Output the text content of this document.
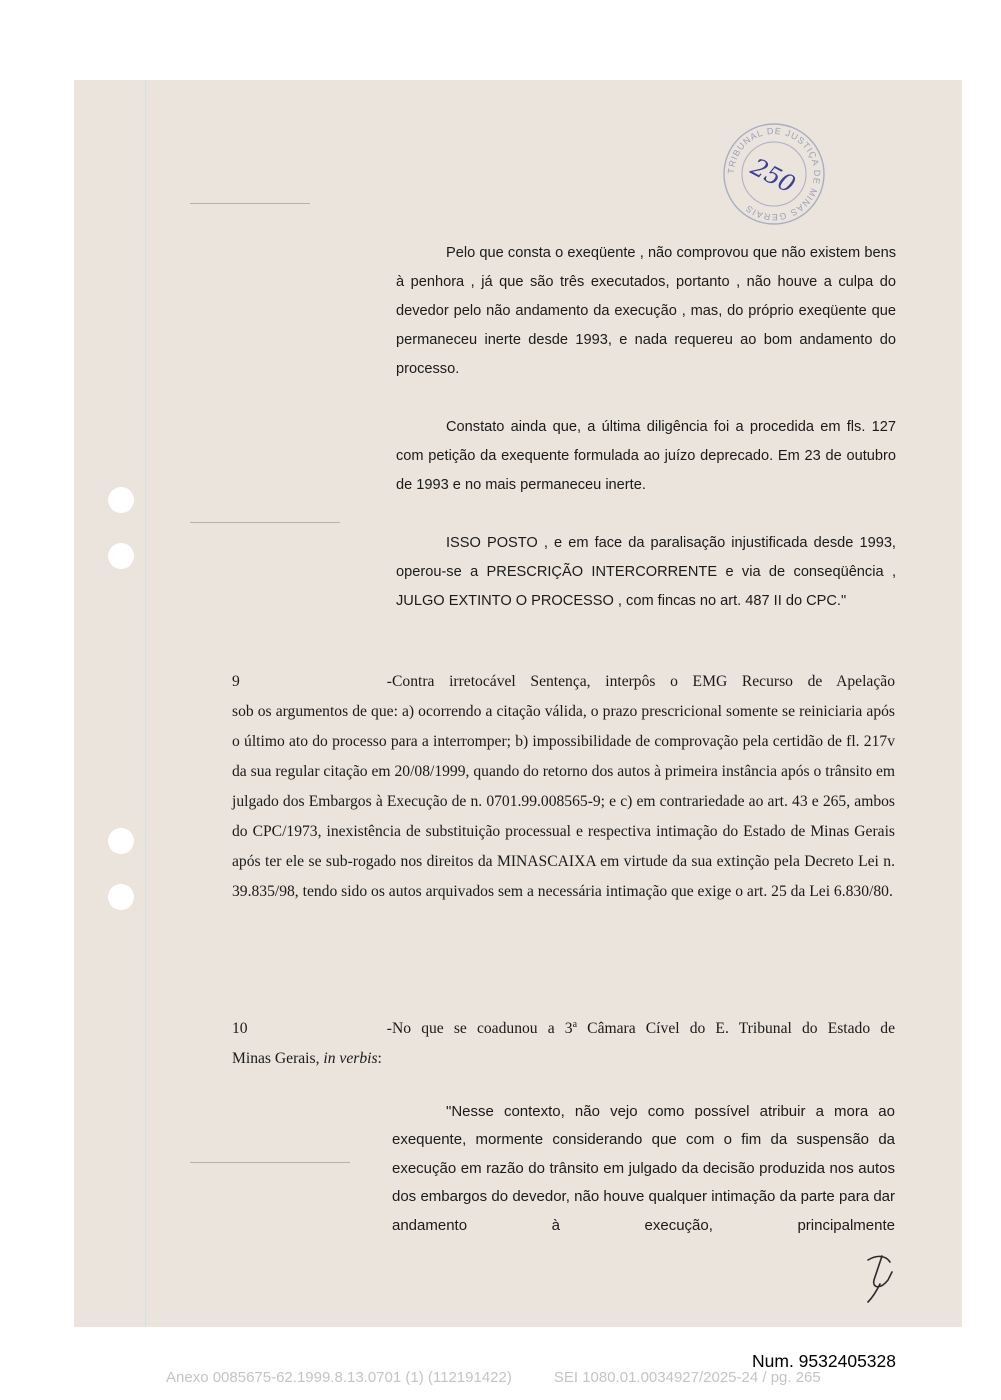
TRIBUNAL DE JUSTIÇA DE MINAS GERAIS
250

Pelo que consta o exeqüente , não comprovou que não existem bens à penhora , já que são três executados, portanto , não houve a culpa do devedor pelo não andamento da execução , mas, do próprio exeqüente que permaneceu inerte desde 1993, e nada requereu ao bom andamento do processo.

Constato ainda que, a última diligência foi a procedida em fls. 127 com petição da exequente formulada ao juízo deprecado. Em 23 de outubro de 1993 e no mais permaneceu inerte.

ISSO POSTO , e em face da paralisação injustificada desde 1993, operou-se a PRESCRIÇÃO INTERCORRENTE e via de conseqüência , JULGO EXTINTO O PROCESSO , com fincas no art. 487 II do CPC."

9 -Contra irretocável Sentença, interpôs o EMG Recurso de Apelação
sob os argumentos de que: a) ocorrendo a citação válida, o prazo prescricional somente se reiniciaria após o último ato do processo para a interromper; b) impossibilidade de comprovação pela certidão de fl. 217v da sua regular citação em 20/08/1999, quando do retorno dos autos à primeira instância após o trânsito em julgado dos Embargos à Execução de n. 0701.99.008565-9; e c) em contrariedade ao art. 43 e 265, ambos do CPC/1973, inexistência de substituição processual e respectiva intimação do Estado de Minas Gerais após ter ele se sub-rogado nos direitos da MINASCAIXA em virtude da sua extinção pela Decreto Lei n. 39.835/98, tendo sido os autos arquivados sem a necessária intimação que exige o art. 25 da Lei 6.830/80.

10 -No que se coadunou a 3$^a$ Câmara Cível do E. Tribunal do Estado de
Minas Gerais, in verbis:

"Nesse contexto, não vejo como possível atribuir a mora ao exequente, mormente considerando que com o fim da suspensão da execução em razão do trânsito em julgado da decisão produzida nos autos dos embargos do devedor, não houve qualquer intimação da parte para dar andamento à execução, principalmente

Num. 9532405328
Anexo 0085675-62.1999.8.13.0701 (1) (112191422)	SEI 1080.01.0034927/2025-24 / pg. 265
